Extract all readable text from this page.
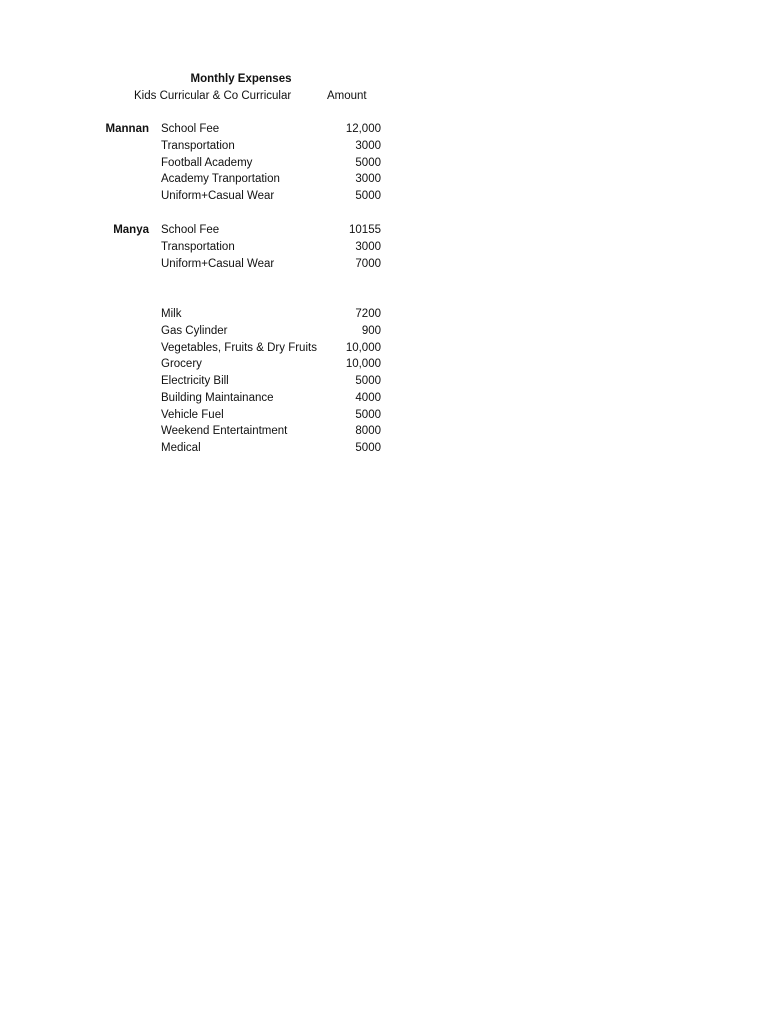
Monthly Expenses
Kids Curricular & Co Curricular	Amount
Mannan School Fee	12,000
Transportation	3000
Football Academy	5000
Academy Tranportation	3000
Uniform+Casual Wear	5000
Manya School Fee	10155
Transportation	3000
Uniform+Casual Wear	7000
Milk	7200
Gas Cylinder	900
Vegetables, Fruits & Dry Fruits	10,000
Grocery	10,000
Electricity Bill	5000
Building Maintainance	4000
Vehicle Fuel	5000
Weekend Entertaintment	8000
Medical	5000
